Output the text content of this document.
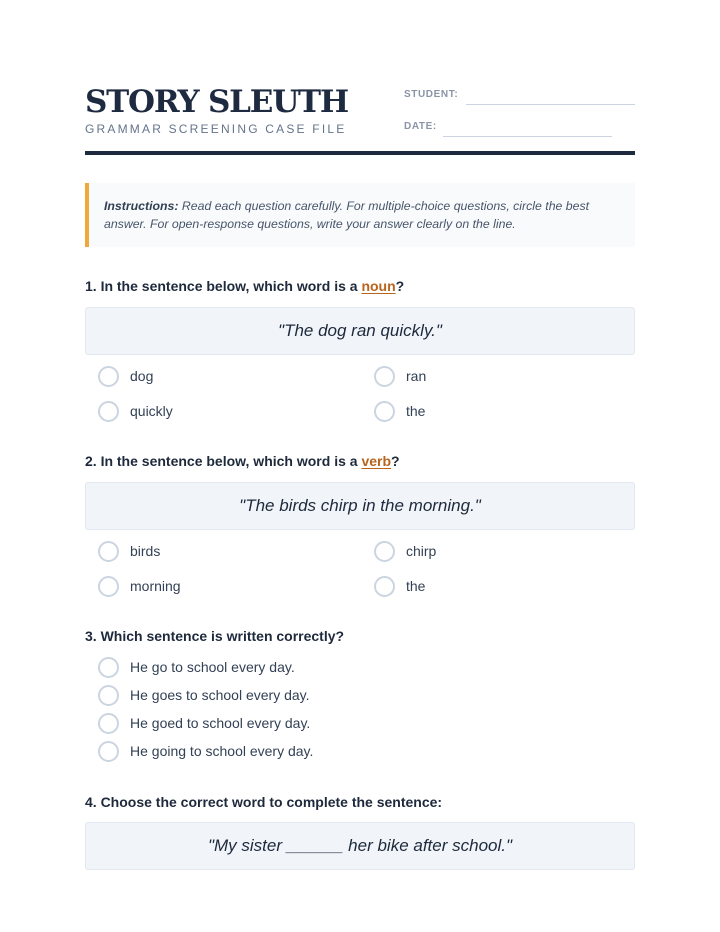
STORY SLEUTH
GRAMMAR SCREENING CASE FILE
STUDENT:
DATE:
Instructions: Read each question carefully. For multiple-choice questions, circle the best answer. For open-response questions, write your answer clearly on the line.
1. In the sentence below, which word is a noun?
"The dog ran quickly."
dog	ran
quickly	the
2. In the sentence below, which word is a verb?
"The birds chirp in the morning."
birds	chirp
morning	the
3. Which sentence is written correctly?
He go to school every day.
He goes to school every day.
He goed to school every day.
He going to school every day.
4. Choose the correct word to complete the sentence:
"My sister ______ her bike after school."
